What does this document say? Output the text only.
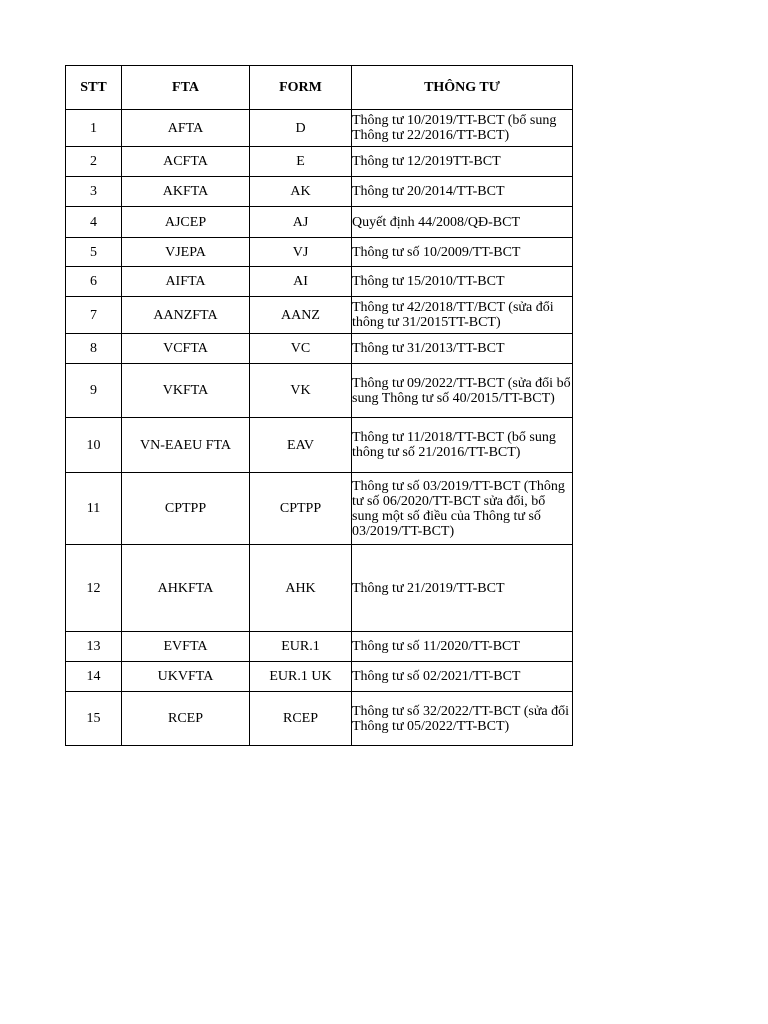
STT	FTA	FORM	THÔNG TƯ
1	AFTA	D	Thông tư 10/2019/TT-BCT (bổ sung Thông tư 22/2016/TT-BCT)
2	ACFTA	E	Thông tư 12/2019TT-BCT
3	AKFTA	AK	Thông tư 20/2014/TT-BCT
4	AJCEP	AJ	Quyết định 44/2008/QĐ-BCT
5	VJEPA	VJ	Thông tư số 10/2009/TT-BCT
6	AIFTA	AI	Thông tư 15/2010/TT-BCT
7	AANZFTA	AANZ	Thông tư 42/2018/TT/BCT (sửa đổi thông tư 31/2015TT-BCT)
8	VCFTA	VC	Thông tư 31/2013/TT-BCT
9	VKFTA	VK	Thông tư 09/2022/TT-BCT (sửa đổi bổ sung Thông tư số 40/2015/TT-BCT)
10	VN-EAEU FTA	EAV	Thông tư 11/2018/TT-BCT (bổ sung thông tư số 21/2016/TT-BCT)
11	CPTPP	CPTPP	Thông tư số 03/2019/TT-BCT (Thông tư số 06/2020/TT-BCT sửa đổi, bổ sung một số điều của Thông tư số 03/2019/TT-BCT)
12	AHKFTA	AHK	Thông tư 21/2019/TT-BCT
13	EVFTA	EUR.1	Thông tư số 11/2020/TT-BCT
14	UKVFTA	EUR.1 UK	Thông tư số 02/2021/TT-BCT
15	RCEP	RCEP	Thông tư số 32/2022/TT-BCT (sửa đổi Thông tư 05/2022/TT-BCT)
